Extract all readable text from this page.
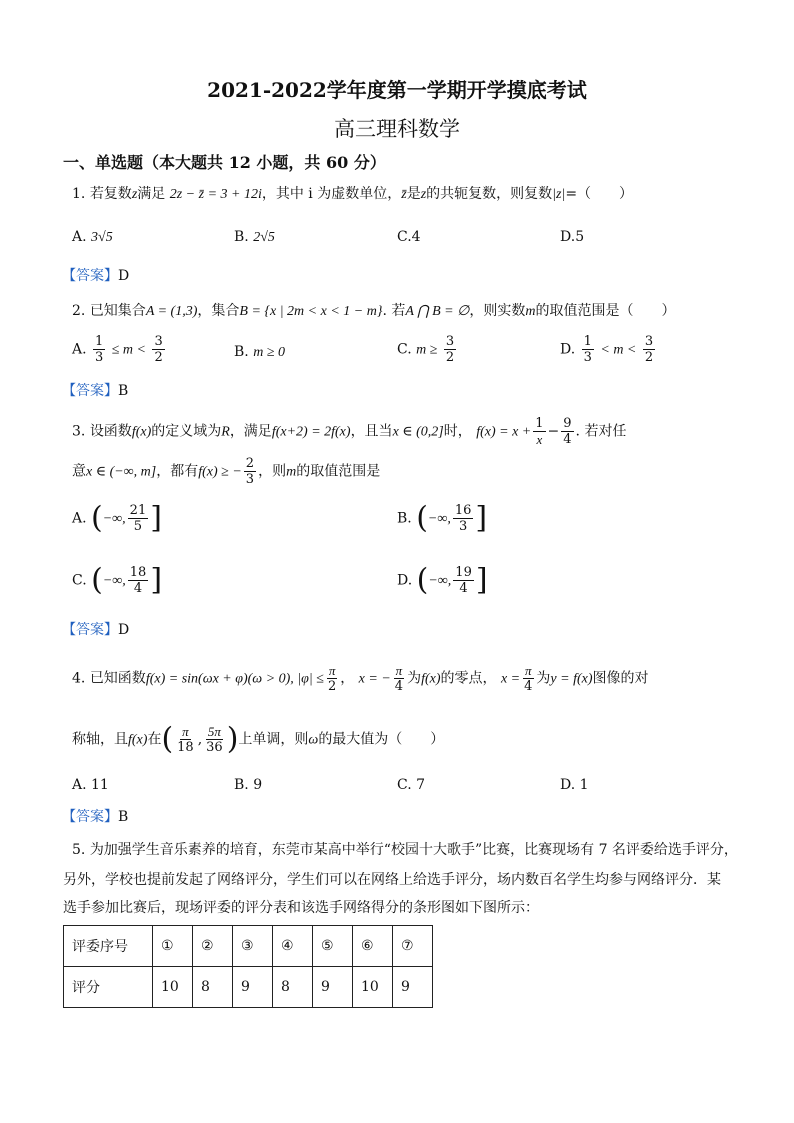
2021-2022学年度第一学期开学摸底考试
高三理科数学
一、单选题（本大题共 12 小题，共 60 分）
1. 若复数z满足 2z − z̄ = 3 + 12i，其中 i 为虚数单位，z̄是z的共轭复数，则复数|z|=（　　）
A. 3√5	B. 2√5	C.4	D.5
【答案】D
2. 已知集合A = (1,3)，集合B = {x | 2m < x < 1 − m}. 若A ⋂ B = ∅，则实数m的取值范围是（　　）
A. $\frac{1}{3} \le m < \frac{3}{2}$	B. m ≥ 0	C. $m \ge \frac{3}{2}$	D. $\frac{1}{3} < m < \frac{3}{2}$
【答案】B
3. 设函数f(x)的定义域为R，满足f(x+2) = 2f(x)，且当x ∈ (0,2]时， $f(x) = x + \frac{1}{x} - \frac{9}{4}$ . 若对任
意x ∈ (−∞, m]，都有f(x) ≥ − $\frac{2}{3}$ ，则m的取值范围是
A. (−∞, $\frac{21}{5}$ ]	B. (−∞, $\frac{16}{3}$ ]
C. (−∞, $\frac{18}{4}$ ]	D. (−∞, $\frac{19}{4}$ ]
【答案】D
4. 已知函数f(x) = sin(ωx + φ)(ω > 0), $|\varphi| \le \frac{\pi}{2}$ ， x = − $\frac{\pi}{4}$ 为f(x)的零点， $x = \frac{\pi}{4}$ 为y = f(x)图像的对
称轴，且f(x)在( $\frac{\pi}{18}$ , $\frac{5\pi}{36}$ )上单调，则ω的最大值为（　　）
A. 11	B. 9	C. 7	D. 1
【答案】B
5. 为加强学生音乐素养的培育，东莞市某高中举行“校园十大歌手”比赛，比赛现场有 7 名评委给选手评分，
另外，学校也提前发起了网络评分，学生们可以在网络上给选手评分，场内数百名学生均参与网络评分．某
选手参加比赛后，现场评委的评分表和该选手网络得分的条形图如下图所示：
评委序号	①	②	③	④	⑤	⑥	⑦
评分	10	8	9	8	9	10	9
